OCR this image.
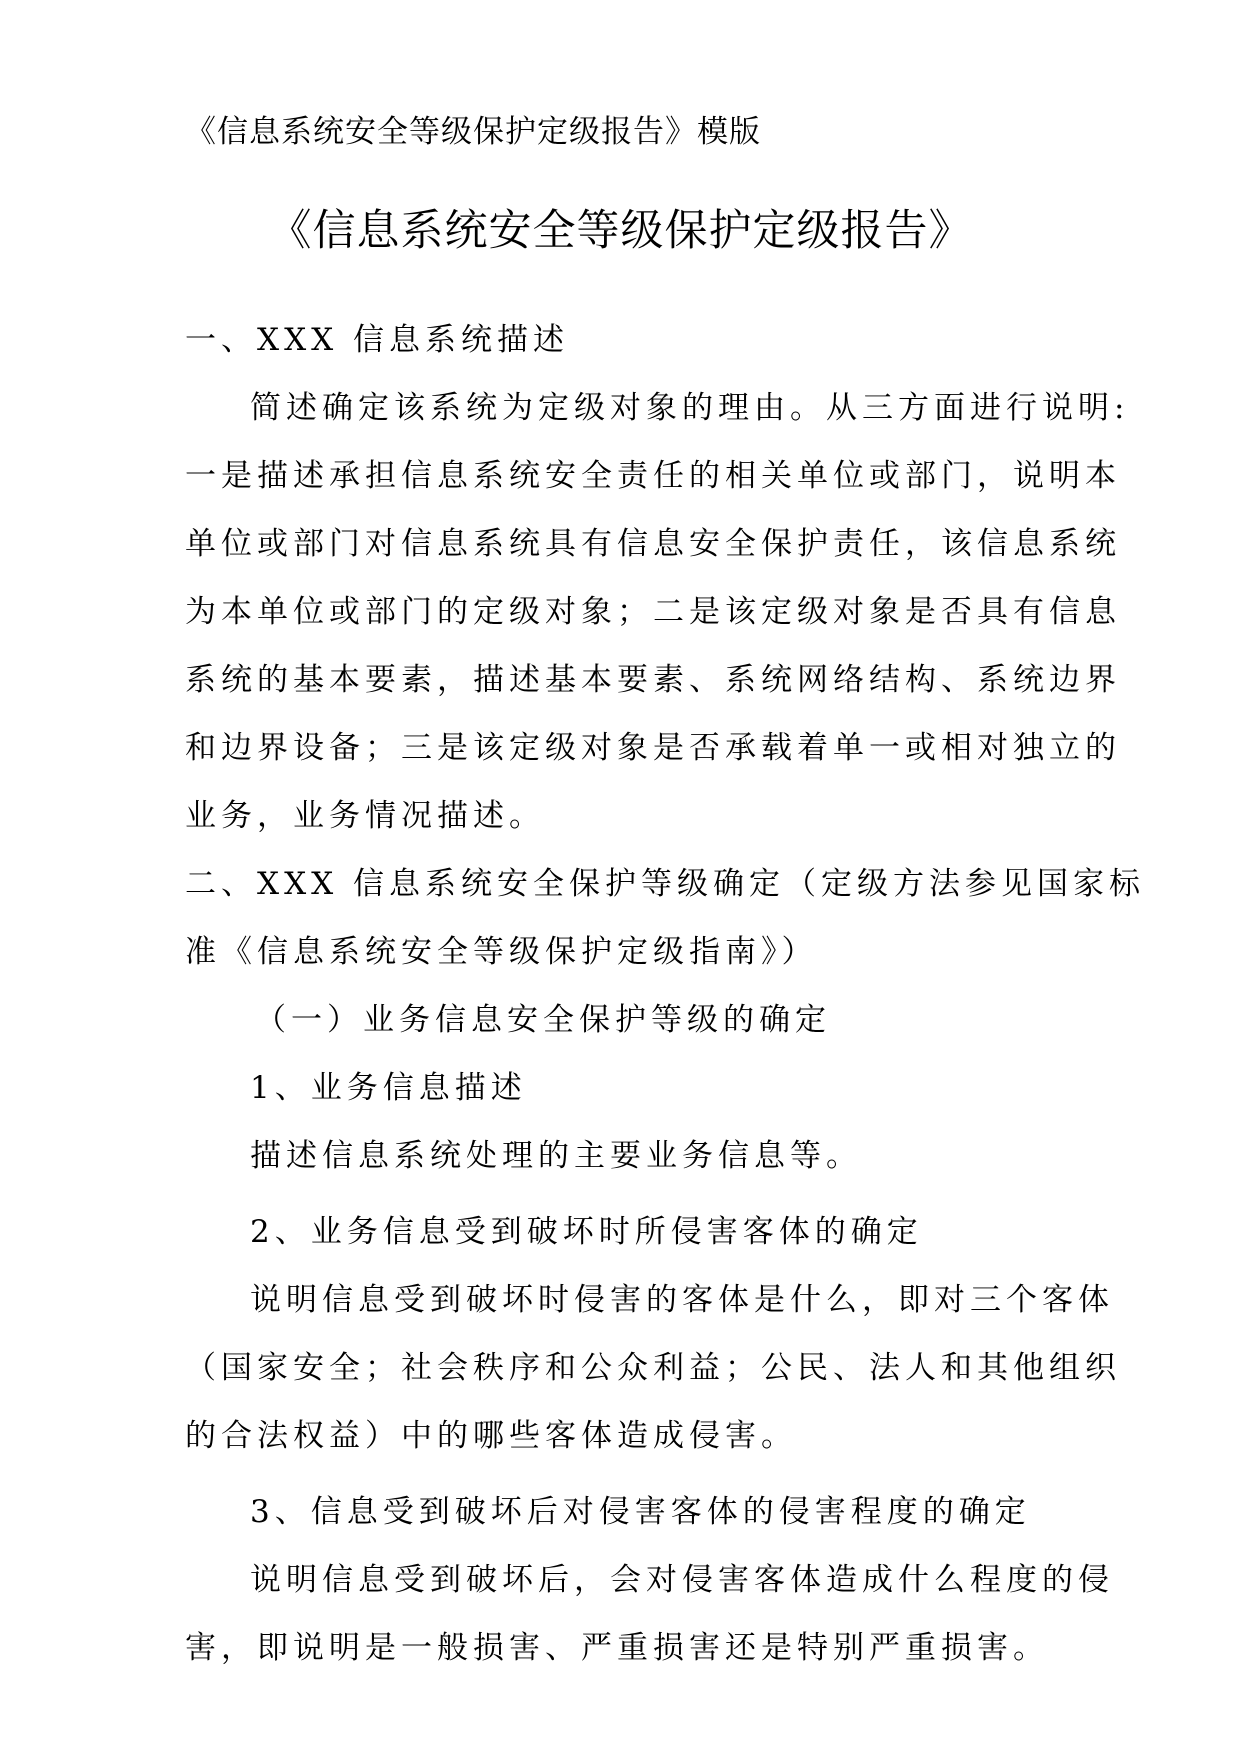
《信息系统安全等级保护定级报告》模版
《信息系统安全等级保护定级报告》
一、XXX 信息系统描述
简述确定该系统为定级对象的理由。从三方面进行说明:
一是描述承担信息系统安全责任的相关单位或部门，说明本
单位或部门对信息系统具有信息安全保护责任，该信息系统
为本单位或部门的定级对象；二是该定级对象是否具有信息
系统的基本要素，描述基本要素、系统网络结构、系统边界
和边界设备；三是该定级对象是否承载着单一或相对独立的
业务，业务情况描述。
二、XXX 信息系统安全保护等级确定（定级方法参见国家标
准《信息系统安全等级保护定级指南》）
（一）业务信息安全保护等级的确定
1、业务信息描述
描述信息系统处理的主要业务信息等。
2、业务信息受到破坏时所侵害客体的确定
说明信息受到破坏时侵害的客体是什么，即对三个客体
（国家安全；社会秩序和公众利益；公民、法人和其他组织
的合法权益）中的哪些客体造成侵害。
3、信息受到破坏后对侵害客体的侵害程度的确定
说明信息受到破坏后，会对侵害客体造成什么程度的侵
害，即说明是一般损害、严重损害还是特别严重损害。
